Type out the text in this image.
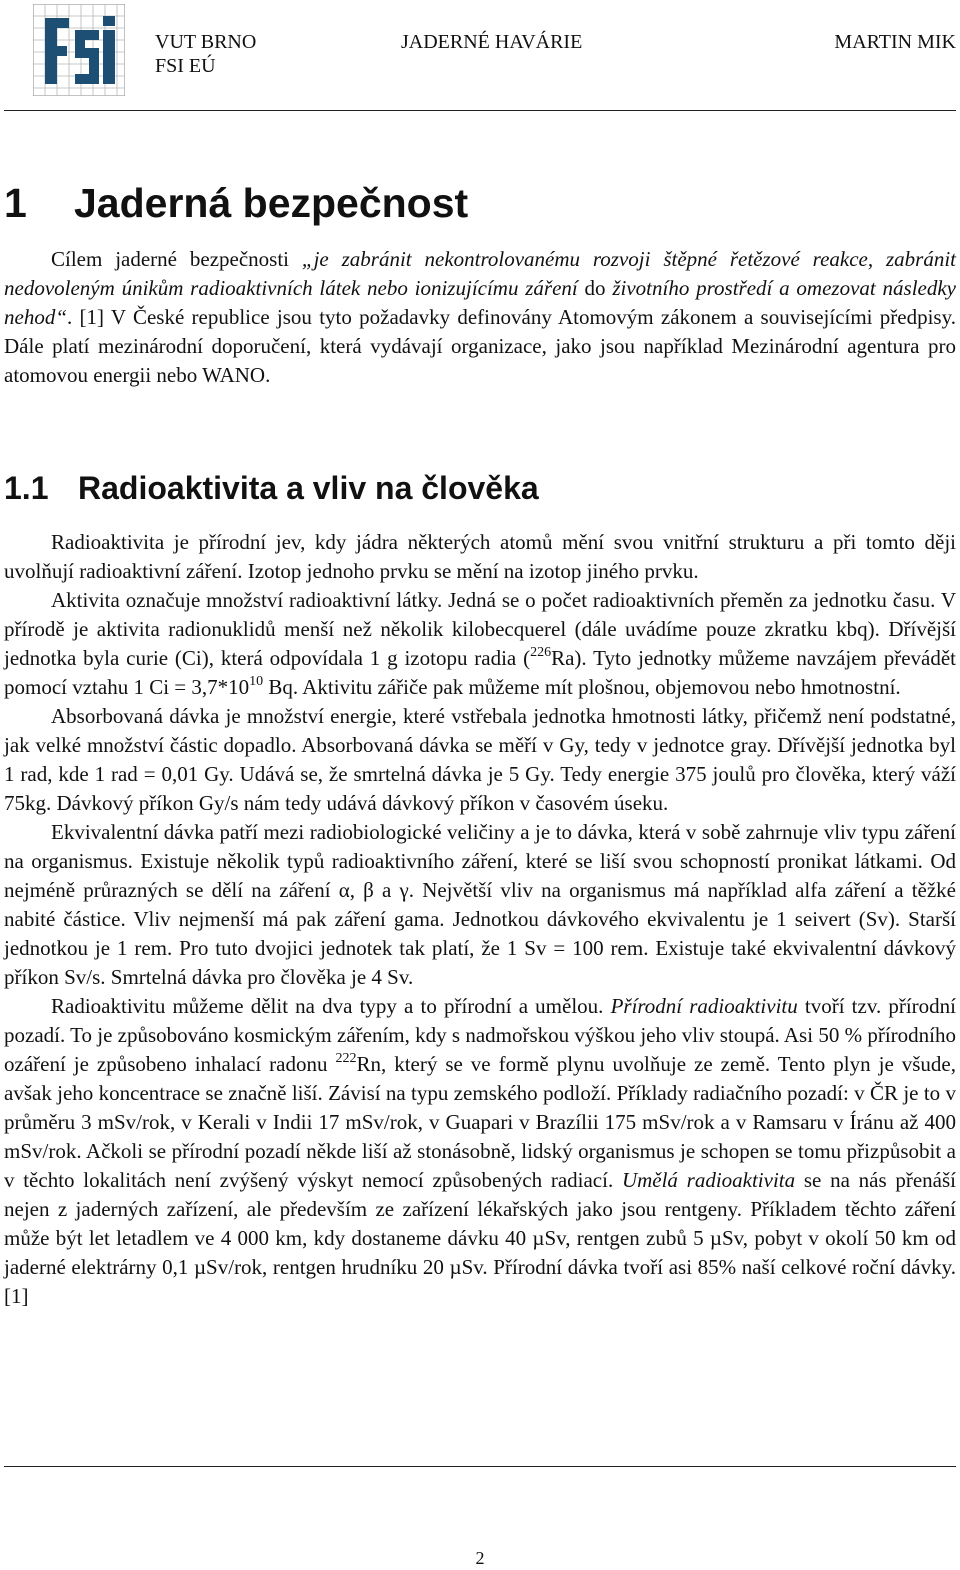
VUT BRNO
FSI EÚ
JADERNÉ HAVÁRIE	MARTIN MIK
1 Jaderná bezpečnost

Cílem jaderné bezpečnosti „je zabránit nekontrolovanému rozvoji štěpné řetězové reakce, zabránit nedovoleným únikům radioaktivních látek nebo ionizujícímu záření do životního prostředí a omezovat následky nehod“. [1] V České republice jsou tyto požadavky definovány Atomovým zákonem a souvisejícími předpisy. Dále platí mezinárodní doporučení, která vydávají organizace, jako jsou například Mezinárodní agentura pro atomovou energii nebo WANO.

1.1 Radioaktivita a vliv na člověka

Radioaktivita je přírodní jev, kdy jádra některých atomů mění svou vnitřní strukturu a při tomto ději uvolňují radioaktivní záření. Izotop jednoho prvku se mění na izotop jiného prvku.

Aktivita označuje množství radioaktivní látky. Jedná se o počet radioaktivních přeměn za jednotku času. V přírodě je aktivita radionuklidů menší než několik kilobecquerel (dále uvádíme pouze zkratku kbq). Dřívější jednotka byla curie (Ci), která odpovídala 1 g izotopu radia ($^{226}$Ra). Tyto jednotky můžeme navzájem převádět pomocí vztahu 1 $Ci = 3,7*10^{10}$ Bq. Aktivitu zářiče pak můžeme mít plošnou, objemovou nebo hmotnostní.

Absorbovaná dávka je množství energie, které vstřebala jednotka hmotnosti látky, přičemž není podstatné, jak velké množství částic dopadlo. Absorbovaná dávka se měří v Gy, tedy v jednotce gray. Dřívější jednotka byl 1 rad, kde 1 rad = 0,01 Gy. Udává se, že smrtelná dávka je 5 Gy. Tedy energie 375 joulů pro člověka, který váží 75kg. Dávkový příkon Gy/s nám tedy udává dávkový příkon v časovém úseku.

Ekvivalentní dávka patří mezi radiobiologické veličiny a je to dávka, která v sobě zahrnuje vliv typu záření na organismus. Existuje několik typů radioaktivního záření, které se liší svou schopností pronikat látkami. Od nejméně průrazných se dělí na záření α, β a γ. Největší vliv na organismus má například alfa záření a těžké nabité částice. Vliv nejmenší má pak záření gama. Jednotkou dávkového ekvivalentu je 1 seivert (Sv). Starší jednotkou je 1 rem. Pro tuto dvojici jednotek tak platí, že 1 Sv = 100 rem. Existuje také ekvivalentní dávkový příkon Sv/s. Smrtelná dávka pro člověka je 4 Sv.

Radioaktivitu můžeme dělit na dva typy a to přírodní a umělou. Přírodní radioaktivitu tvoří tzv. přírodní pozadí. To je způsobováno kosmickým zářením, kdy s nadmořskou výškou jeho vliv stoupá. Asi 50 % přírodního ozáření je způsobeno inhalací radonu $^{222}$Rn, který se ve formě plynu uvolňuje ze země. Tento plyn je všude, avšak jeho koncentrace se značně liší. Závisí na typu zemského podloží. Příklady radiačního pozadí: v ČR je to v průměru 3 mSv/rok, v Kerali v Indii 17 mSv/rok, v Guapari v Brazílii 175 mSv/rok a v Ramsaru v Íránu až 400 mSv/rok. Ačkoli se přírodní pozadí někde liší až stonásobně, lidský organismus je schopen se tomu přizpůsobit a v těchto lokalitách není zvýšený výskyt nemocí způsobených radiací. Umělá radioaktivita se na nás přenáší nejen z jaderných zařízení, ale především ze zařízení lékařských jako jsou rentgeny. Příkladem těchto záření může být let letadlem ve 4 000 km, kdy dostaneme dávku 40 µSv, rentgen zubů 5 µSv, pobyt v okolí 50 km od jaderné elektrárny 0,1 µSv/rok, rentgen hrudníku 20 µSv. Přírodní dávka tvoří asi 85% naší celkové roční dávky. [1]

2
